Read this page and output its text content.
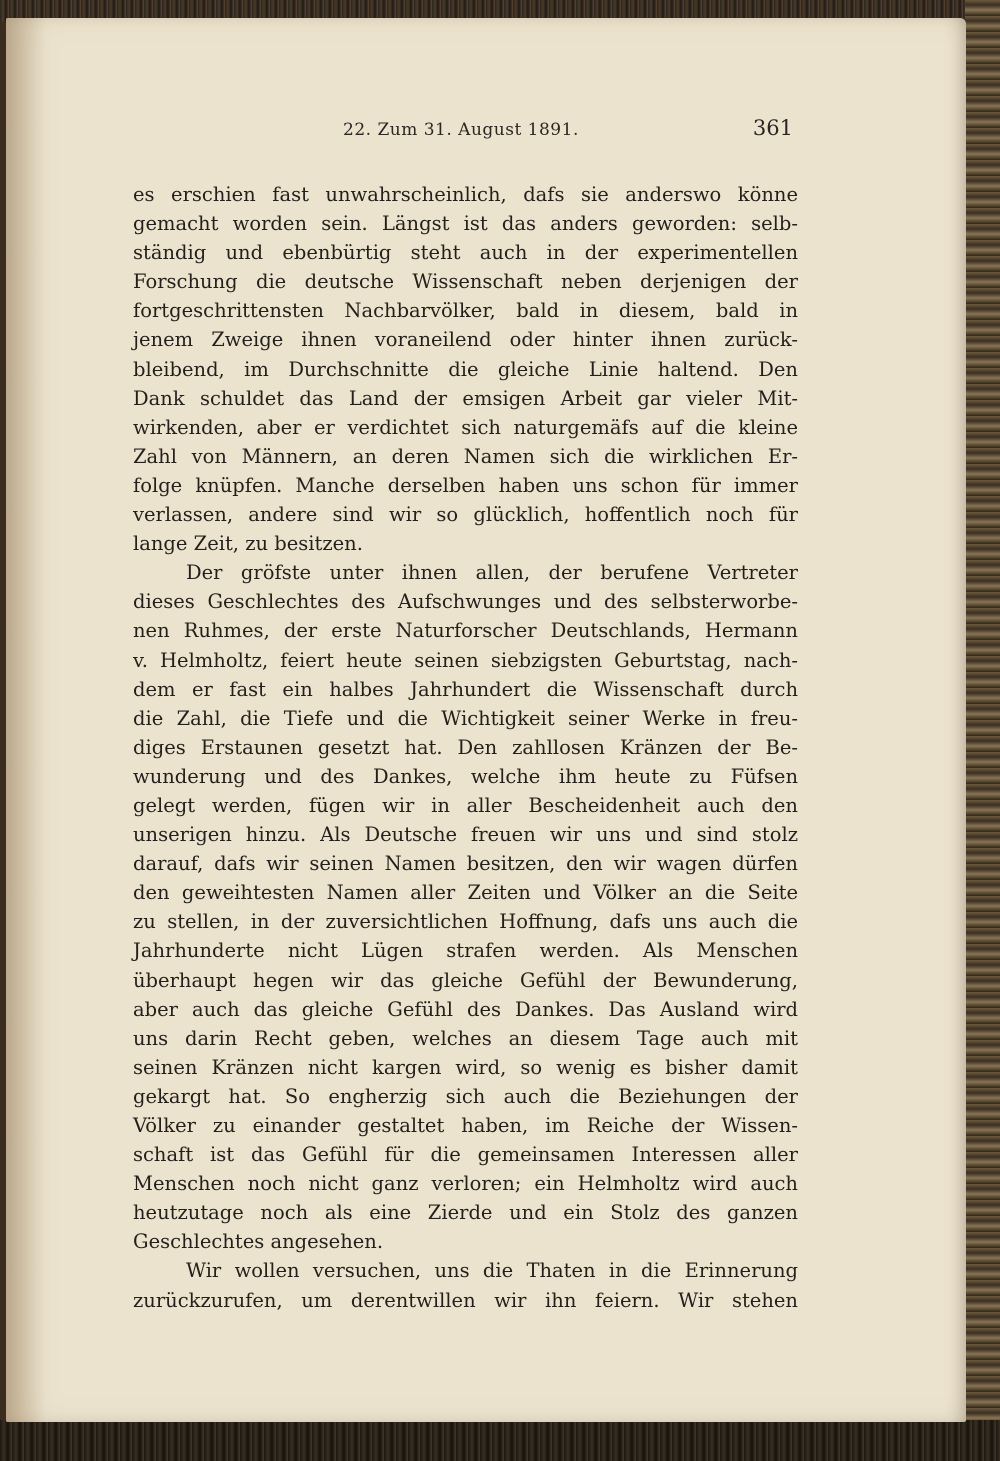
22. Zum 31. August 1891.	361
es erschien fast unwahrscheinlich, dafs sie anderswo könne
gemacht worden sein. Längst ist das anders geworden: selb-
ständig und ebenbürtig steht auch in der experimentellen
Forschung die deutsche Wissenschaft neben derjenigen der
fortgeschrittensten Nachbarvölker, bald in diesem, bald in
jenem Zweige ihnen voraneilend oder hinter ihnen zurück-
bleibend, im Durchschnitte die gleiche Linie haltend. Den
Dank schuldet das Land der emsigen Arbeit gar vieler Mit-
wirkenden, aber er verdichtet sich naturgemäfs auf die kleine
Zahl von Männern, an deren Namen sich die wirklichen Er-
folge knüpfen. Manche derselben haben uns schon für immer
verlassen, andere sind wir so glücklich, hoffentlich noch für
lange Zeit, zu besitzen.
Der gröfste unter ihnen allen, der berufene Vertreter
dieses Geschlechtes des Aufschwunges und des selbsterworbe-
nen Ruhmes, der erste Naturforscher Deutschlands, Hermann
v. Helmholtz, feiert heute seinen siebzigsten Geburtstag, nach-
dem er fast ein halbes Jahrhundert die Wissenschaft durch
die Zahl, die Tiefe und die Wichtigkeit seiner Werke in freu-
diges Erstaunen gesetzt hat. Den zahllosen Kränzen der Be-
wunderung und des Dankes, welche ihm heute zu Füfsen
gelegt werden, fügen wir in aller Bescheidenheit auch den
unserigen hinzu. Als Deutsche freuen wir uns und sind stolz
darauf, dafs wir seinen Namen besitzen, den wir wagen dürfen
den geweihtesten Namen aller Zeiten und Völker an die Seite
zu stellen, in der zuversichtlichen Hoffnung, dafs uns auch die
Jahrhunderte nicht Lügen strafen werden. Als Menschen
überhaupt hegen wir das gleiche Gefühl der Bewunderung,
aber auch das gleiche Gefühl des Dankes. Das Ausland wird
uns darin Recht geben, welches an diesem Tage auch mit
seinen Kränzen nicht kargen wird, so wenig es bisher damit
gekargt hat. So engherzig sich auch die Beziehungen der
Völker zu einander gestaltet haben, im Reiche der Wissen-
schaft ist das Gefühl für die gemeinsamen Interessen aller
Menschen noch nicht ganz verloren; ein Helmholtz wird auch
heutzutage noch als eine Zierde und ein Stolz des ganzen
Geschlechtes angesehen.
Wir wollen versuchen, uns die Thaten in die Erinnerung
zurückzurufen, um derentwillen wir ihn feiern. Wir stehen
